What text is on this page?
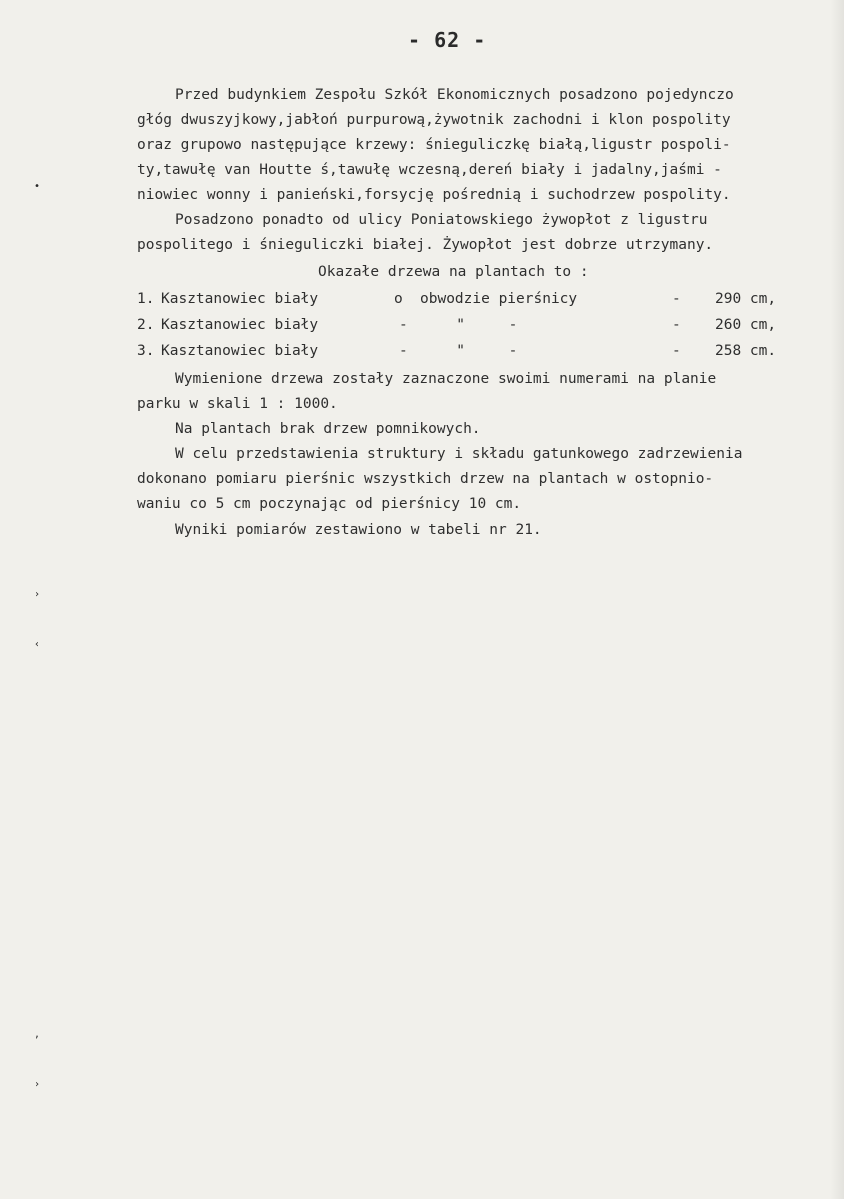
- 62 -
Przed budynkiem Zespołu Szkół Ekonomicznych posadzono pojedynczo
głóg dwuszyjkowy,jabłoń purpurową,żywotnik zachodni i klon pospolity
oraz grupowo następujące krzewy: śnieguliczkę białą,ligustr pospoli-
ty,tawułę van Houtte ś,tawułę wczesną,dereń biały i jadalny,jaśmi -
niowiec wonny i panieński,forsycję pośrednią i suchodrzew pospolity.
Posadzono ponadto od ulicy Poniatowskiego żywopłot z ligustru
pospolitego i śnieguliczki białej. Żywopłot jest dobrze utrzymany.
Okazałe drzewa na plantach to :
1. Kasztanowiec biały	o obwodzie pierśnicy	- 290 cm,
2. Kasztanowiec biały	- "     -	- 260 cm,
3. Kasztanowiec biały	- "     -	- 258 cm.
Wymienione drzewa zostały zaznaczone swoimi numerami na planie
parku w skali 1 : 1000.
Na plantach brak drzew pomnikowych.
W celu przedstawienia struktury i składu gatunkowego zadrzewienia
dokonano pomiaru pierśnic wszystkich drzew na plantach w ostopnio-
waniu co 5 cm poczynając od pierśnicy 10 cm.
Wyniki pomiarów zestawiono w tabeli nr 21.
•
›
‹
,
›
